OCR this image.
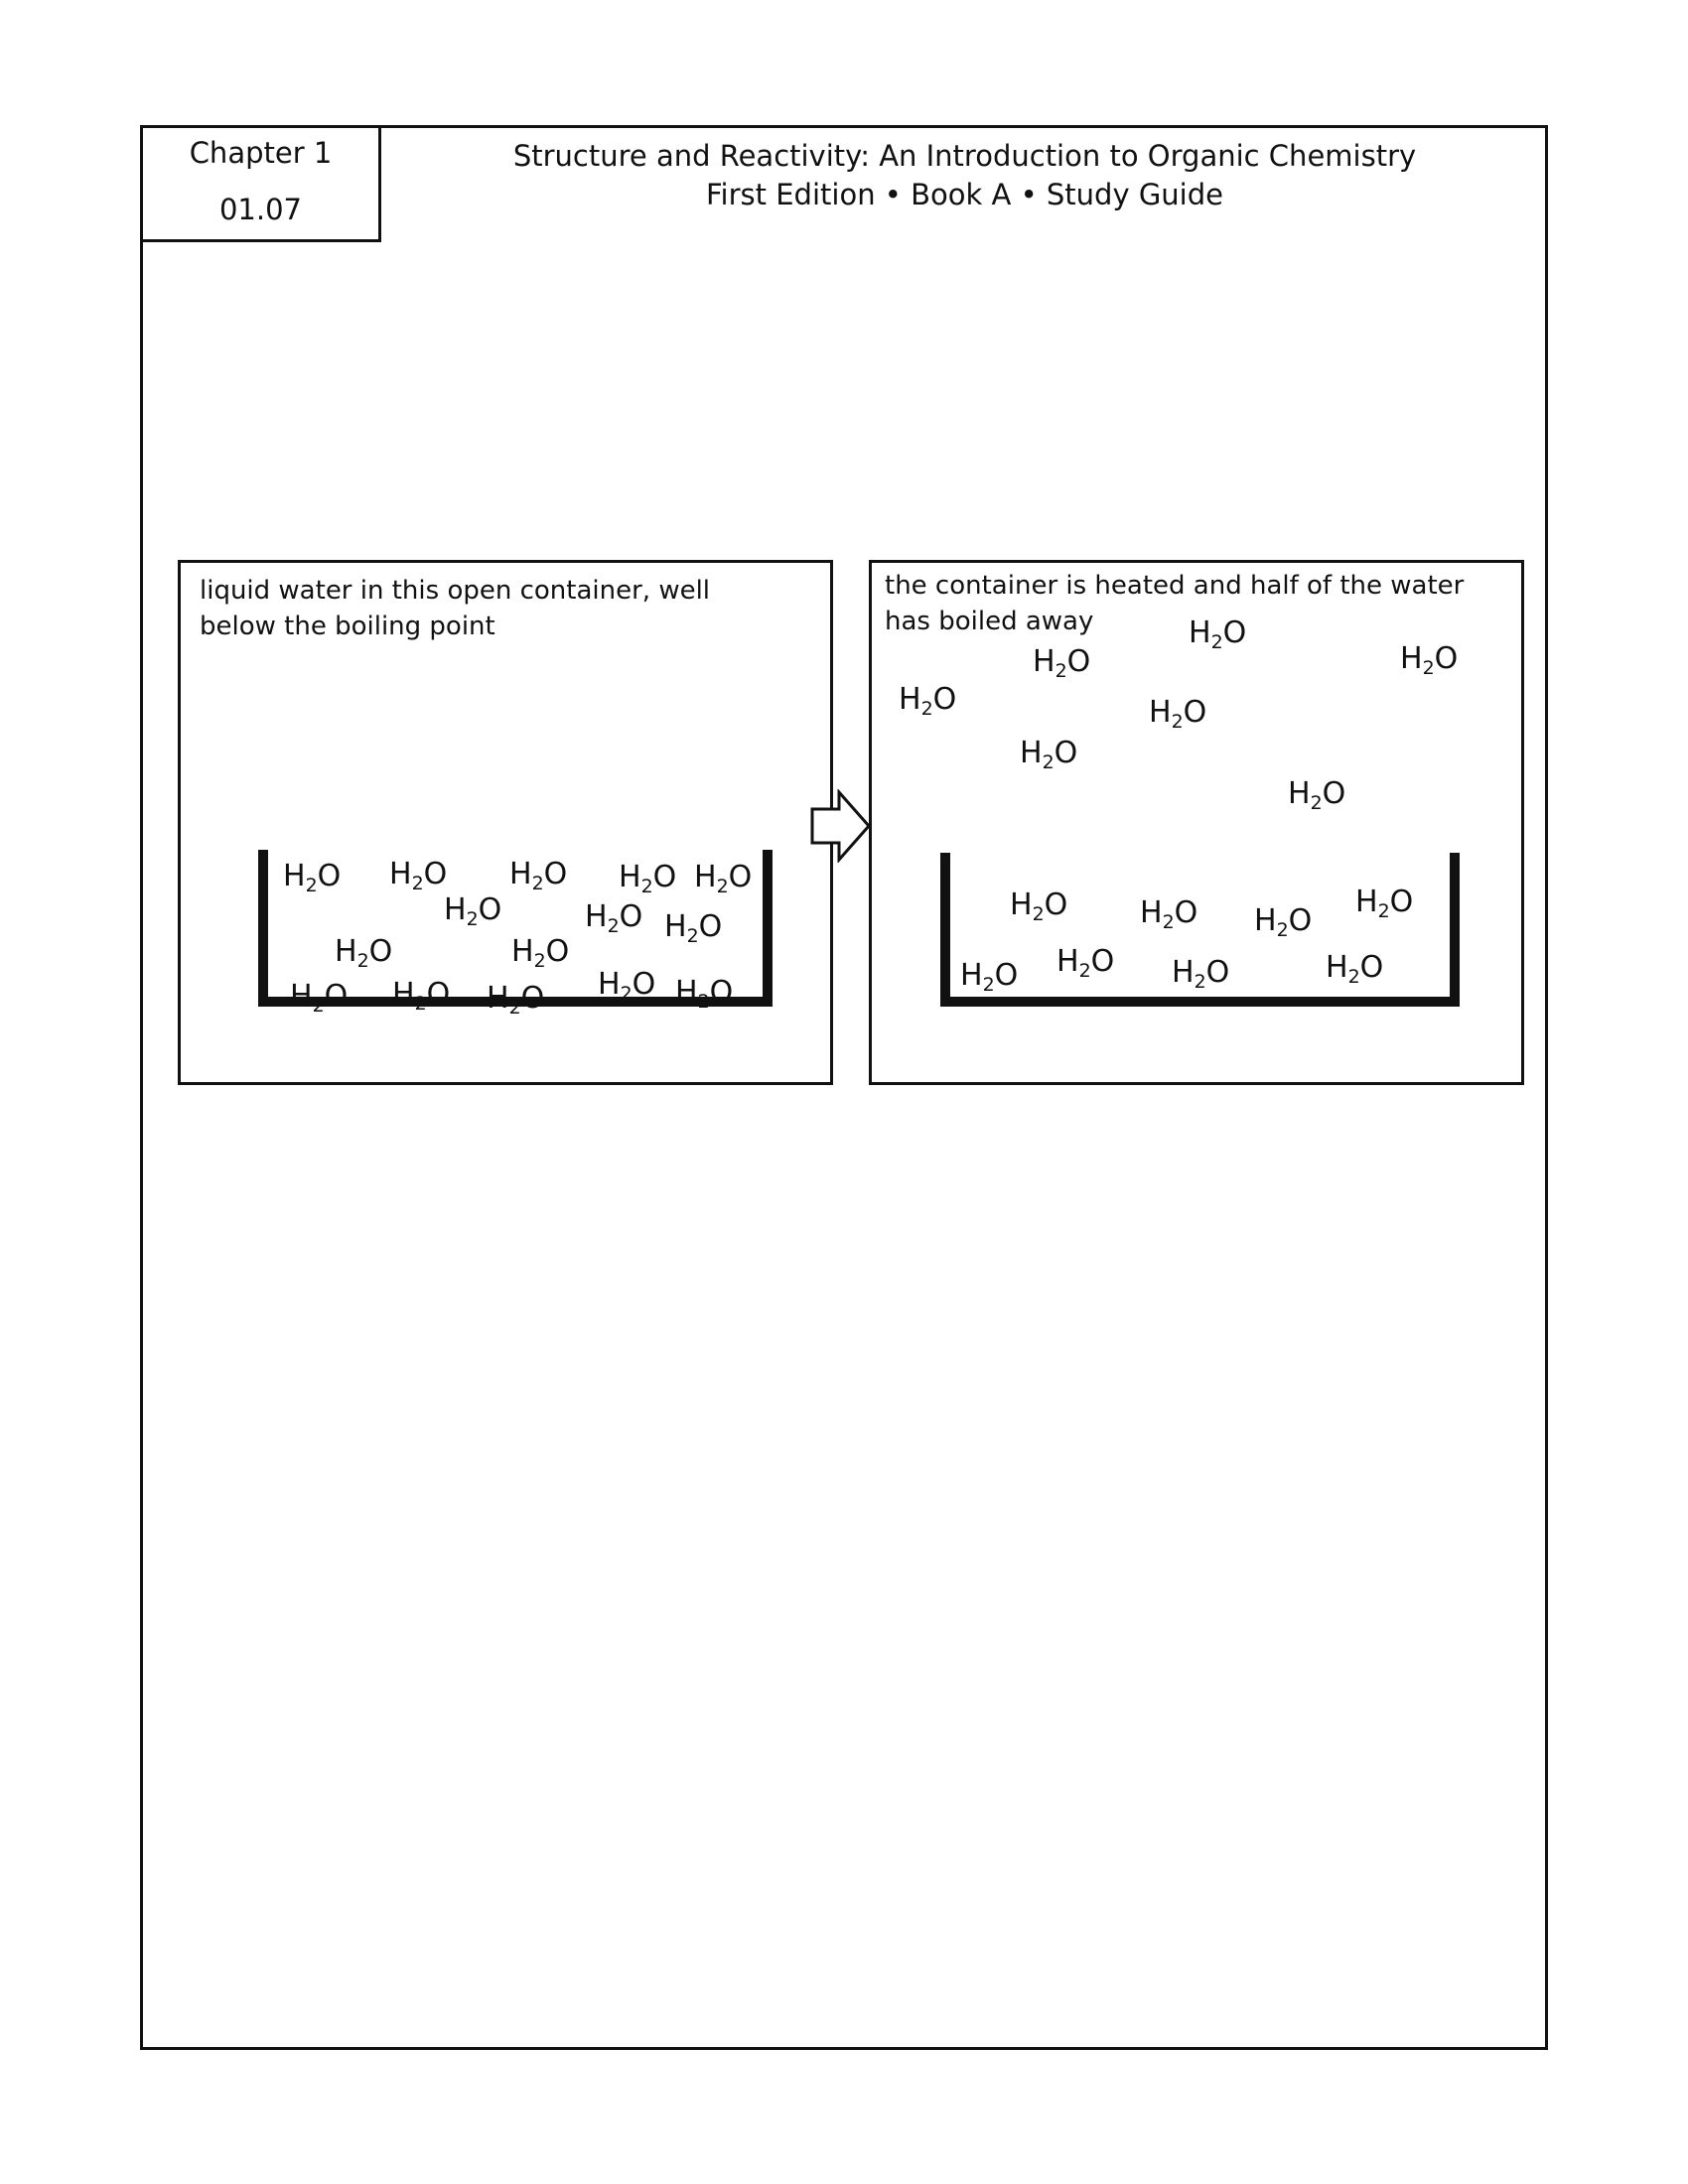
Chapter 1
01.07
Structure and Reactivity: An Introduction to Organic Chemistry
First Edition • Book A • Study Guide
liquid water in this open container, well below the boiling point
$H_2O$ $H_2O$ $H_2O$ $H_2O$ $H_2O$
$H_2O$	$H_2O$ $H_2O$
$H_2O$	$H_2O$
$H_2O$ $H_2O$ $H_2O$ $H_2O$ $H_2O$
the container is heated and half of the water has boiled away	$H_2O$
$H_2O$	$H_2O$
$H_2O$	$H_2O$
$H_2O$
$H_2O$
$H_2O$ $H_2O$ $H_2O$
$H_2O$
$H_2O$ $H_2O$ $H_2O$	$H_2O$
